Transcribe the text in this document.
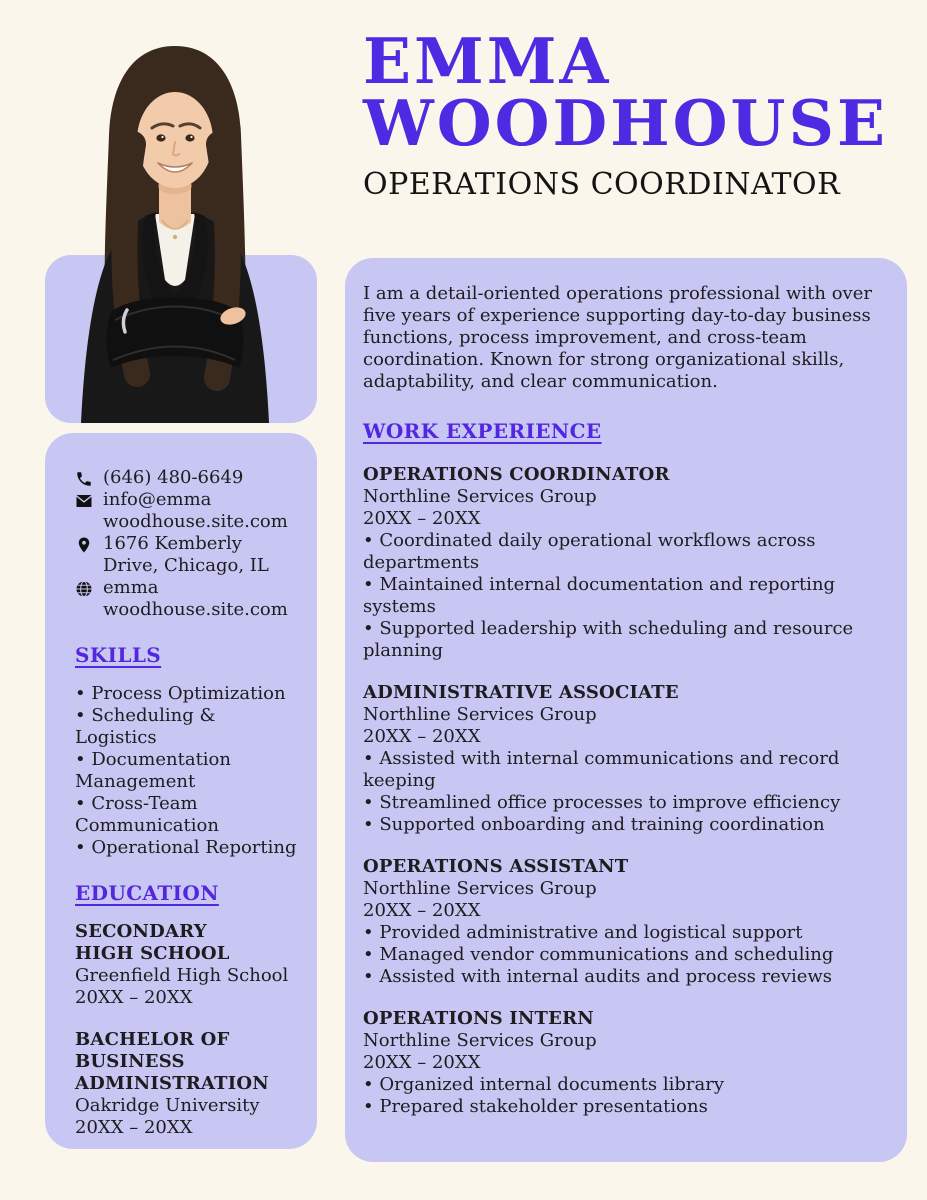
(646) 480-6649
info@emma
woodhouse.site.com
1676 Kemberly
Drive, Chicago, IL
emma
woodhouse.site.com
SKILLS
• Process Optimization
• Scheduling & Logistics
• Documentation Management
• Cross-Team Communication
• Operational Reporting
EDUCATION
SECONDARY HIGH SCHOOL
Greenfield High School
20XX – 20XX
BACHELOR OF BUSINESS ADMINISTRATION
Oakridge University
20XX – 20XX
EMMA
WOODHOUSE
OPERATIONS COORDINATOR

I am a detail-oriented operations professional with over five years of experience supporting day-to-day business functions, process improvement, and cross-team coordination. Known for strong organizational skills, adaptability, and clear communication.

WORK EXPERIENCE
OPERATIONS COORDINATOR
Northline Services Group
20XX – 20XX
• Coordinated daily operational workflows across departments
• Maintained internal documentation and reporting systems
• Supported leadership with scheduling and resource planning
ADMINISTRATIVE ASSOCIATE
Northline Services Group
20XX – 20XX
• Assisted with internal communications and record keeping
• Streamlined office processes to improve efficiency
• Supported onboarding and training coordination
OPERATIONS ASSISTANT
Northline Services Group
20XX – 20XX
• Provided administrative and logistical support
• Managed vendor communications and scheduling
• Assisted with internal audits and process reviews
OPERATIONS INTERN
Northline Services Group
20XX – 20XX
• Organized internal documents library
• Prepared stakeholder presentations
